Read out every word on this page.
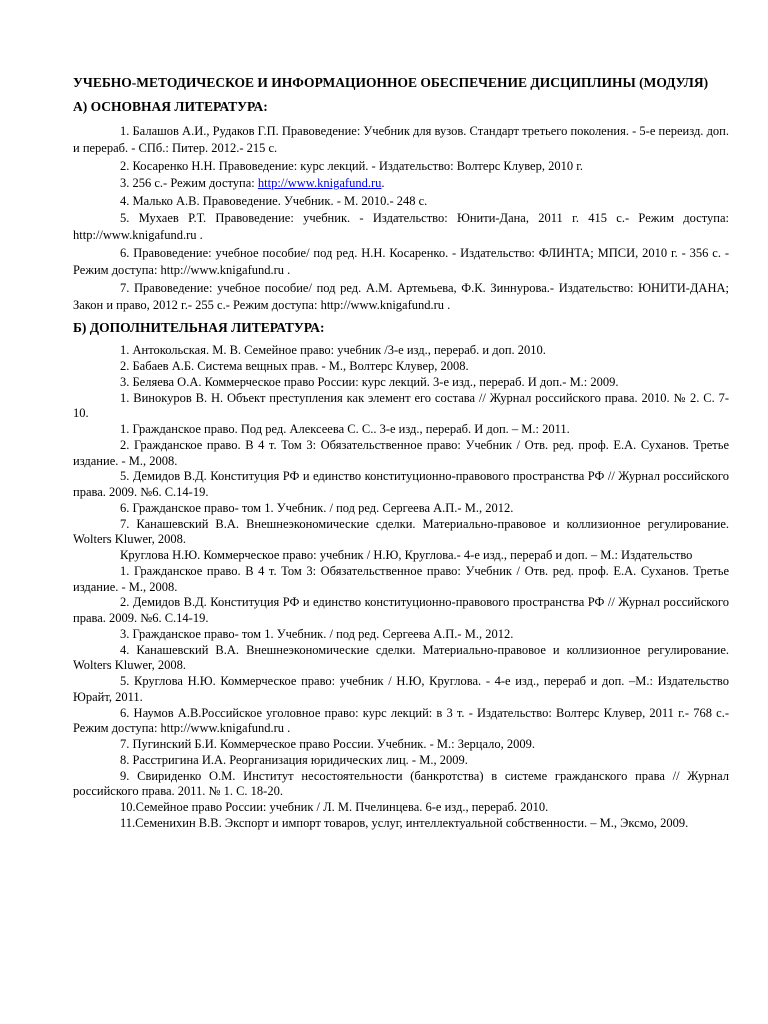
УЧЕБНО-МЕТОДИЧЕСКОЕ И ИНФОРМАЦИОННОЕ ОБЕСПЕЧЕНИЕ ДИСЦИПЛИНЫ (МОДУЛЯ)
А) ОСНОВНАЯ ЛИТЕРАТУРА:

1. Балашов А.И., Рудаков Г.П. Правоведение: Учебник для вузов. Стандарт третьего поколения. - 5-е переизд. доп. и перераб. - СПб.: Питер. 2012.- 215 с.

2. Косаренко Н.Н. Правоведение: курс лекций. - Издательство: Волтерс Клувер, 2010 г.

3. 256 с.- Режим доступа: http://www.knigafund.ru.

4. Малько А.В. Правоведение. Учебник. - М. 2010.- 248 с.

5. Мухаев Р.Т. Правоведение: учебник. - Издательство: Юнити-Дана, 2011 г. 415 с.- Режим доступа: http://www.knigafund.ru .

6. Правоведение: учебное пособие/ под ред. Н.Н. Косаренко. - Издательство: ФЛИНТА; МПСИ, 2010 г. - 356 с. - Режим доступа: http://www.knigafund.ru .

7. Правоведение: учебное пособие/ под ред. А.М. Артемьева, Ф.К. Зиннурова.- Издательство: ЮНИТИ-ДАНА; Закон и право, 2012 г.- 255 с.- Режим доступа: http://www.knigafund.ru .

Б) ДОПОЛНИТЕЛЬНАЯ ЛИТЕРАТУРА:

1. Антокольская. М. В. Семейное право: учебник /3-е изд., перераб. и доп. 2010.

2. Бабаев А.Б. Система вещных прав. - М., Волтерс Клувер, 2008.

3. Беляева О.А. Коммерческое право России: курс лекций. 3-е изд., перераб. И доп.- М.: 2009.

1. Винокуров В. Н. Объект преступления как элемент его состава // Журнал российского права. 2010. № 2. С. 7-10.

1. Гражданское право. Под ред. Алексеева С. С.. 3-е изд., перераб. И доп. – М.: 2011.

2. Гражданское право. В 4 т. Том 3: Обязательственное право: Учебник / Отв. ред. проф. Е.А. Суханов. Третье издание. - М., 2008.

5. Демидов В.Д. Конституция РФ и единство конституционно-правового пространства РФ // Журнал российского права. 2009. №6. С.14-19.

6. Гражданское право- том 1. Учебник. / под ред. Сергеева А.П.- М., 2012.

7. Канашевский В.А. Внешнеэкономические сделки. Материально-правовое и коллизионное регулирование. Wolters Kluwer, 2008.

Круглова Н.Ю. Коммерческое право: учебник / Н.Ю, Круглова.- 4-е изд., перераб и доп. – М.: Издательство

1. Гражданское право. В 4 т. Том 3: Обязательственное право: Учебник / Отв. ред. проф. Е.А. Суханов. Третье издание. - М., 2008.

2. Демидов В.Д. Конституция РФ и единство конституционно-правового пространства РФ // Журнал российского права. 2009. №6. С.14-19.

3. Гражданское право- том 1. Учебник. / под ред. Сергеева А.П.- М., 2012.

4. Канашевский В.А. Внешнеэкономические сделки. Материально-правовое и коллизионное регулирование. Wolters Kluwer, 2008.

5. Круглова Н.Ю. Коммерческое право: учебник / Н.Ю, Круглова. - 4-е изд., перераб и доп. –М.: Издательство Юрайт, 2011.

6. Наумов А.В.Российское уголовное право: курс лекций: в 3 т. - Издательство: Волтерс Клувер, 2011 г.- 768 с.- Режим доступа: http://www.knigafund.ru .

7. Пугинский Б.И. Коммерческое право России. Учебник. - М.: Зерцало, 2009.

8. Расстригина И.А. Реорганизация юридических лиц. - М., 2009.

9. Свириденко О.М. Институт несостоятельности (банкротства) в системе гражданского права // Журнал российского права. 2011. № 1. С. 18-20.

10.Семейное право России: учебник / Л. М. Пчелинцева. 6-е изд., перераб. 2010.

11.Семенихин В.В. Экспорт и импорт товаров, услуг, интеллектуальной собственности. – М., Эксмо, 2009.
